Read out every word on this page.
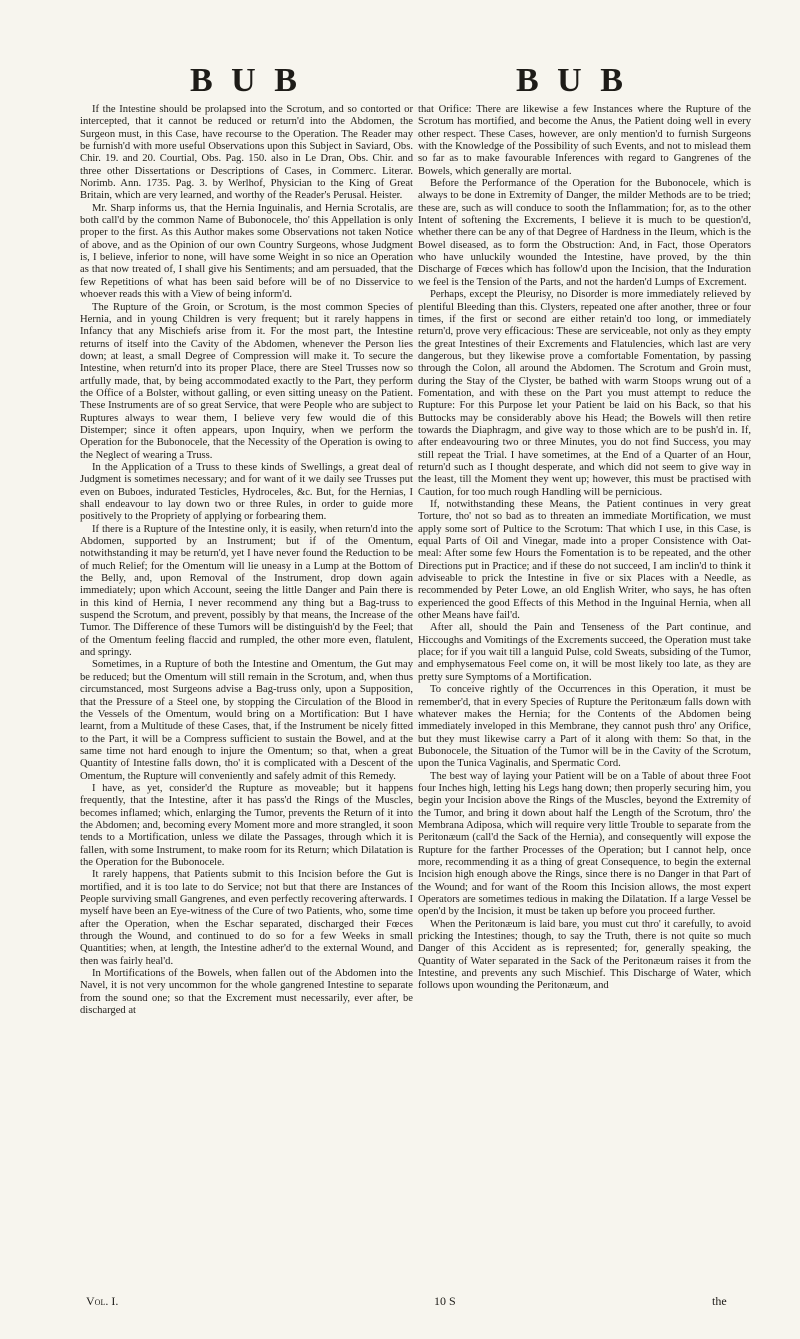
B U B	B U B

If the Intestine should be prolapsed into the Scrotum, and so contorted or intercepted, that it cannot be reduced or return'd into the Abdomen, the Surgeon must, in this Case, have recourse to the Operation. The Reader may be furnish'd with more useful Observations upon this Subject in Saviard, Obs. Chir. 19. and 20. Courtial, Obs. Pag. 150. also in Le Dran, Obs. Chir. and three other Dissertations or Descriptions of Cases, in Commerc. Literar. Norimb. Ann. 1735. Pag. 3. by Werlhof, Physician to the King of Great Britain, which are very learned, and worthy of the Reader's Perusal. Heister.

Mr. Sharp informs us, that the Hernia Inguinalis, and Hernia Scrotalis, are both call'd by the common Name of Bubonocele, tho' this Appellation is only proper to the first. As this Author makes some Observations not taken Notice of above, and as the Opinion of our own Country Surgeons, whose Judgment is, I believe, inferior to none, will have some Weight in so nice an Operation as that now treated of, I shall give his Sentiments; and am persuaded, that the few Repetitions of what has been said before will be of no Disservice to whoever reads this with a View of being inform'd.

The Rupture of the Groin, or Scrotum, is the most common Species of Hernia, and in young Children is very frequent; but it rarely happens in Infancy that any Mischiefs arise from it. For the most part, the Intestine returns of itself into the Cavity of the Abdomen, whenever the Person lies down; at least, a small Degree of Compression will make it. To secure the Intestine, when return'd into its proper Place, there are Steel Trusses now so artfully made, that, by being accommodated exactly to the Part, they perform the Office of a Bolster, without galling, or even sitting uneasy on the Patient. These Instruments are of so great Service, that were People who are subject to Ruptures always to wear them, I believe very few would die of this Distemper; since it often appears, upon Inquiry, when we perform the Operation for the Bubonocele, that the Necessity of the Operation is owing to the Neglect of wearing a Truss.

In the Application of a Truss to these kinds of Swellings, a great deal of Judgment is sometimes necessary; and for want of it we daily see Trusses put even on Buboes, indurated Testicles, Hydroceles, &c. But, for the Hernias, I shall endeavour to lay down two or three Rules, in order to guide more positively to the Propriety of applying or forbearing them.

If there is a Rupture of the Intestine only, it is easily, when return'd into the Abdomen, supported by an Instrument; but if of the Omentum, notwithstanding it may be return'd, yet I have never found the Reduction to be of much Relief; for the Omentum will lie uneasy in a Lump at the Bottom of the Belly, and, upon Removal of the Instrument, drop down again immediately; upon which Account, seeing the little Danger and Pain there is in this kind of Hernia, I never recommend any thing but a Bag-truss to suspend the Scrotum, and prevent, possibly by that means, the Increase of the Tumor. The Difference of these Tumors will be distinguish'd by the Feel; that of the Omentum feeling flaccid and rumpled, the other more even, flatulent, and springy.

Sometimes, in a Rupture of both the Intestine and Omentum, the Gut may be reduced; but the Omentum will still remain in the Scrotum, and, when thus circumstanced, most Surgeons advise a Bag-truss only, upon a Supposition, that the Pressure of a Steel one, by stopping the Circulation of the Blood in the Vessels of the Omentum, would bring on a Mortification: But I have learnt, from a Multitude of these Cases, that, if the Instrument be nicely fitted to the Part, it will be a Compress sufficient to sustain the Bowel, and at the same time not hard enough to injure the Omentum; so that, when a great Quantity of Intestine falls down, tho' it is complicated with a Descent of the Omentum, the Rupture will conveniently and safely admit of this Remedy.

I have, as yet, consider'd the Rupture as moveable; but it happens frequently, that the Intestine, after it has pass'd the Rings of the Muscles, becomes inflamed; which, enlarging the Tumor, prevents the Return of it into the Abdomen; and, becoming every Moment more and more strangled, it soon tends to a Mortification, unless we dilate the Passages, through which it is fallen, with some Instrument, to make room for its Return; which Dilatation is the Operation for the Bubonocele.

It rarely happens, that Patients submit to this Incision before the Gut is mortified, and it is too late to do Service; not but that there are Instances of People surviving small Gangrenes, and even perfectly recovering afterwards. I myself have been an Eye-witness of the Cure of two Patients, who, some time after the Operation, when the Eschar separated, discharged their Fœces through the Wound, and continued to do so for a few Weeks in small Quantities; when, at length, the Intestine adher'd to the external Wound, and then was fairly heal'd.

In Mortifications of the Bowels, when fallen out of the Abdomen into the Navel, it is not very uncommon for the whole gangrened Intestine to separate from the sound one; so that the Excrement must necessarily, ever after, be discharged at

that Orifice: There are likewise a few Instances where the Rupture of the Scrotum has mortified, and become the Anus, the Patient doing well in every other respect. These Cases, however, are only mention'd to furnish Surgeons with the Knowledge of the Possibility of such Events, and not to mislead them so far as to make favourable Inferences with regard to Gangrenes of the Bowels, which generally are mortal.

Before the Performance of the Operation for the Bubonocele, which is always to be done in Extremity of Danger, the milder Methods are to be tried; these are, such as will conduce to sooth the Inflammation; for, as to the other Intent of softening the Excrements, I believe it is much to be question'd, whether there can be any of that Degree of Hardness in the Ileum, which is the Bowel diseased, as to form the Obstruction: And, in Fact, those Operators who have unluckily wounded the Intestine, have proved, by the thin Discharge of Fœces which has follow'd upon the Incision, that the Induration we feel is the Tension of the Parts, and not the harden'd Lumps of Excrement.

Perhaps, except the Pleurisy, no Disorder is more immediately relieved by plentiful Bleeding than this. Clysters, repeated one after another, three or four times, if the first or second are either retain'd too long, or immediately return'd, prove very efficacious: These are serviceable, not only as they empty the great Intestines of their Excrements and Flatulencies, which last are very dangerous, but they likewise prove a comfortable Fomentation, by passing through the Colon, all around the Abdomen. The Scrotum and Groin must, during the Stay of the Clyster, be bathed with warm Stoops wrung out of a Fomentation, and with these on the Part you must attempt to reduce the Rupture: For this Purpose let your Patient be laid on his Back, so that his Buttocks may be considerably above his Head; the Bowels will then retire towards the Diaphragm, and give way to those which are to be push'd in. If, after endeavouring two or three Minutes, you do not find Success, you may still repeat the Trial. I have sometimes, at the End of a Quarter of an Hour, return'd such as I thought desperate, and which did not seem to give way in the least, till the Moment they went up; however, this must be practised with Caution, for too much rough Handling will be pernicious.

If, notwithstanding these Means, the Patient continues in very great Torture, tho' not so bad as to threaten an immediate Mortification, we must apply some sort of Pultice to the Scrotum: That which I use, in this Case, is equal Parts of Oil and Vinegar, made into a proper Consistence with Oat-meal: After some few Hours the Fomentation is to be repeated, and the other Directions put in Practice; and if these do not succeed, I am inclin'd to think it adviseable to prick the Intestine in five or six Places with a Needle, as recommended by Peter Lowe, an old English Writer, who says, he has often experienced the good Effects of this Method in the Inguinal Hernia, when all other Means have fail'd.

After all, should the Pain and Tenseness of the Part continue, and Hiccoughs and Vomitings of the Excrements succeed, the Operation must take place; for if you wait till a languid Pulse, cold Sweats, subsiding of the Tumor, and emphysematous Feel come on, it will be most likely too late, as they are pretty sure Symptoms of a Mortification.

To conceive rightly of the Occurrences in this Operation, it must be remember'd, that in every Species of Rupture the Peritonæum falls down with whatever makes the Hernia; for the Contents of the Abdomen being immediately inveloped in this Membrane, they cannot push thro' any Orifice, but they must likewise carry a Part of it along with them: So that, in the Bubonocele, the Situation of the Tumor will be in the Cavity of the Scrotum, upon the Tunica Vaginalis, and Spermatic Cord.

The best way of laying your Patient will be on a Table of about three Foot four Inches high, letting his Legs hang down; then properly securing him, you begin your Incision above the Rings of the Muscles, beyond the Extremity of the Tumor, and bring it down about half the Length of the Scrotum, thro' the Membrana Adiposa, which will require very little Trouble to separate from the Peritonæum (call'd the Sack of the Hernia), and consequently will expose the Rupture for the farther Processes of the Operation; but I cannot help, once more, recommending it as a thing of great Consequence, to begin the external Incision high enough above the Rings, since there is no Danger in that Part of the Wound; and for want of the Room this Incision allows, the most expert Operators are sometimes tedious in making the Dilatation. If a large Vessel be open'd by the Incision, it must be taken up before you proceed further.

When the Peritonæum is laid bare, you must cut thro' it carefully, to avoid pricking the Intestines; though, to say the Truth, there is not quite so much Danger of this Accident as is represented; for, generally speaking, the Quantity of Water separated in the Sack of the Peritonæum raises it from the Intestine, and prevents any such Mischief. This Discharge of Water, which follows upon wounding the Peritonæum, and

Vol. I.	10 S	the
